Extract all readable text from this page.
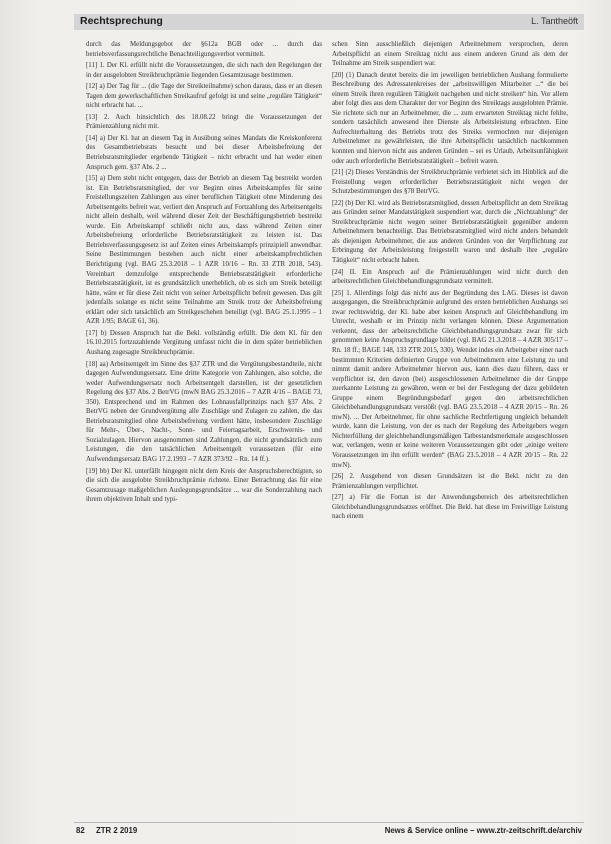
Rechtsprechung	L. Tantheöft

durch das Meldungsgebot der §612a BGB oder ... durch das betriebsverfassungsrechtliche Benachteiligungsverbot vermittelt.

[11] 1. Der Kl. erfüllt nicht die Voraussetzungen, die sich nach den Regelungen der in der ausgelobten Streikbruchprämie liegenden Gesamtzusage bestimmen.

[12] a) Der Tag für ... (die Tage der Streikteilnahme) schon daraus, dass er an diesen Tagen dem gewerkschaftlichen Streikaufruf gefolgt ist und seine „reguläre Tätigkeit“ nicht erbracht hat. ...

[13] 2. Auch hinsichtlich des 18.08.22 bringt die Voraussetzungen der Prämienzahlung nicht mit.

[14] a) Der Kl. hat an diesem Tag in Ausübung seines Mandats die Kreiskonferenz des Gesamtbetriebsrats besucht und bei dieser Arbeitsbefreiung der Betriebsratsmitglieder ergebende Tätigkeit – nicht erbracht und hat weder einen Anspruch gem. §37 Abs. 2 ...

[15] a) Dem steht nicht entgegen, dass der Betrieb an diesem Tag bestreikt worden ist. Ein Betriebsratsmitglied, der vor Beginn eines Arbeitskampfes für seine Freistellungszeiten Zahlungen aus einer beruflichen Tätigkeit ohne Minderung des Arbeitsentgelts befreit war, verliert den Anspruch auf Fortzahlung des Arbeitsentgelts nicht allein deshalb, weil während dieser Zeit der Beschäftigungsbetrieb bestreikt wurde. Ein Arbeitskampf schließt nicht aus, dass während Zeiten einer Arbeitsbefreiung erforderliche Betriebsratstätigkeit zu leisten ist. Das Betriebsverfassungsgesetz ist auf Zeiten eines Arbeitskampfs prinzipiell anwendbar. Seine Bestimmungen bestehen auch nicht einer arbeitskampfrechtlichen Berichtigung (vgl. BAG 25.3.2018 – 1 AZR 10/16 – Rn. 33 ZTR 2018, 543). Vereinbart demzufolge entsprechende Betriebsratstätigkeit erforderliche Betriebsratstätigkeit, ist es grundsätzlich unerheblich, ob es sich um Streik beteiligt hätte, wäre er für diese Zeit nicht von seiner Arbeitspflicht befreit gewesen. Das gilt jedenfalls solange es nicht seine Teilnahme am Streik trotz der Arbeitsbefreiung erklärt oder sich tatsächlich am Streikgeschehen beteiligt (vgl. BAG 25.1.1995 – 1 AZR 1/95; BAGE 61, 36).

[17] b) Dessen Anspruch hat die Bekl. vollständig erfüllt. Die dem Kl. für den 16.10.2015 fortzuzahlende Vergütung umfasst nicht die in dem später betrieblichen Aushang zugesagte Streikbruchprämie.

[18] aa) Arbeitsentgelt im Sinne des §37 ZTR und die Vergütungsbestandteile, nicht dagegen Aufwendungsersatz. Eine dritte Kategorie von Zahlungen, also solche, die weder Aufwendungsersatz noch Arbeitsentgelt darstellen, ist der gesetzlichen Regelung des §37 Abs. 2 BetrVG (mwN BAG 25.3.2016 – 7 AZR 4/16 – BAGE 73, 350). Entsprechend und im Rahmen des Lohnausfallprinzips nach §37 Abs. 2 BetrVG neben der Grundvergütung alle Zuschläge und Zulagen zu zahlen, die das Betriebsratsmitglied ohne Arbeitsbefreiung verdient hätte, insbesondere Zuschläge für Mehr-, Über-, Nacht-, Sonn- und Feiertagsarbeit, Erschwernis- und Sozialzulagen. Hiervon ausgenommen sind Zahlungen, die nicht grundsätzlich zum Leistungen, die den tatsächlichen Arbeitsentgelt voraussetzen (für eine Aufwendungsersatz BAG 17.2.1993 – 7 AZR 373/92 – Rn. 14 ff.).

[19] bb) Der Kl. unterfällt hingegen nicht dem Kreis der Anspruchsberechtigten, so die sich die ausgelobte Streikbruchprämie richtete. Einer Betrachtung das für eine Gesamtzusage maßgeblichen Auslegungsgrundsätze ... war die Sonderzahlung nach ihrem objektiven Inhalt und typi-

schen Sinn ausschließlich diejenigen Arbeitnehmern versprochen, deren Arbeitspflicht an einem Streiktag nicht aus einem anderen Grund als dem der Teilnahme am Streik suspendiert war.

[20] (1) Danach deutet bereits die im jeweiligen betrieblichen Aushang formulierte Beschreibung des Adressatenkreises der „arbeitswilligen Mitarbeiter ...“ die bei einem Streik ihren regulären Tätigkeit nachgehen und nicht streiken“ hin. Vor allem aber folgt dies aus dem Charakter der vor Beginn des Streiktags ausgelobten Prämie. Sie richtete sich nur an Arbeitnehmer, die ... zum erwarteten Streiktag nicht fehlte, sondern tatsächlich anwesend ihre Dienste als Arbeitsleistung erbrachten. Eine Aufrechterhaltung des Betriebs trotz des Streiks vermochten nur diejenigen Arbeitnehmer zu gewährleisten, die ihre Arbeitspflicht tatsächlich nachkommen konnten und hiervon nicht aus anderen Gründen – sei es Urlaub, Arbeitsunfähigkeit oder auch erforderliche Betriebsratstätigkeit – befreit waren.

[21] (2) Dieses Verständnis der Streikbruchprämie verbietet sich im Hinblick auf die Freistellung wegen erforderlicher Betriebsratstätigkeit nicht wegen der Schutzbestimmungen des §78 BetrVG.

[22] (b) Der Kl. wird als Betriebsratsmitglied, dessen Arbeitspflicht an dem Streiktag aus Gründen seiner Mandatstätigkeit suspendiert war, durch die „Nichtzahlung“ der Streikbruchprämie nicht wegen seiner Betriebsratstätigkeit gegenüber anderen Arbeitnehmern benachteiligt. Das Betriebsratsmitglied wird nicht anders behandelt als diejenigen Arbeitnehmer, die aus anderen Gründen von der Verpflichtung zur Erbringung der Arbeitsleistung freigestellt waren und deshalb ihre „reguläre Tätigkeit“ nicht erbracht haben.

[24] II. Ein Anspruch auf die Prämienzahlungen wird nicht durch den arbeitsrechtlichen Gleichbehandlungsgrundsatz vermittelt.

[25] 1. Allerdings folgt das nicht aus der Begründung des LAG. Dieses ist davon ausgegangen, die Streikbruchprämie aufgrund des ersten betrieblichen Aushangs sei zwar rechtswidrig, der Kl. habe aber keinen Anspruch auf Gleichbehandlung im Unrecht, weshalb er im Prinzip nicht verlangen können. Diese Argumentation verkennt, dass der arbeitsrechtliche Gleichbehandlungsgrundsatz zwar für sich genommen keine Anspruchsgrundlage bildet (vgl. BAG 21.3.2018 – 4 AZR 305/17 – Rn. 18 ff.; BAGE 148, 133 ZTR 2015, 330). Wendet indes ein Arbeitgeber einer nach bestimmten Kriterien definierten Gruppe von Arbeitnehmern eine Leistung zu und nimmt damit andere Arbeitnehmer hiervon aus, kann dies dazu führen, dass er verpflichtet ist, den davon (bei) ausgeschlossenen Arbeitnehmer die der Gruppe zuerkannte Leistung zu gewähren, wenn er bei der Festlegung der dazu gebildeten Gruppe einem Begründungsbedarf gegen den arbeitsrechtlichen Gleichbehandlungsgrundsatz verstößt (vgl. BAG 23.5.2018 – 4 AZR 20/15 – Rn. 26 mwN). ... Der Arbeitnehmer, für ohne sachliche Rechtfertigung ungleich behandelt wurde, kann die Leistung, von der es nach der Regelung des Arbeitgebers wegen Nichterfüllung der gleichbehandlungsmäßigen Tatbestandsmerkmale ausgeschlossen war, verlangen, wenn er keine weiteren Voraussetzungen gibt oder „einige weitere Voraussetzungen im ihn erfüllt werden“ (BAG 23.5.2018 – 4 AZR 20/15 – Rn. 22 mwN).

[26] 2. Ausgehend von diesen Grundsätzen ist die Bekl. nicht zu den Prämienzahlungen verpflichtet.

[27] a) Für die Fortan ist der Anwendungsbereich des arbeitsrechtlichen Gleichbehandlungsgrundsatzes eröffnet. Die Bekl. hat diese im Freiwillige Leistung nach einem

82 ZTR 2 2019	News & Service online – www.ztr-zeitschrift.de/archiv
